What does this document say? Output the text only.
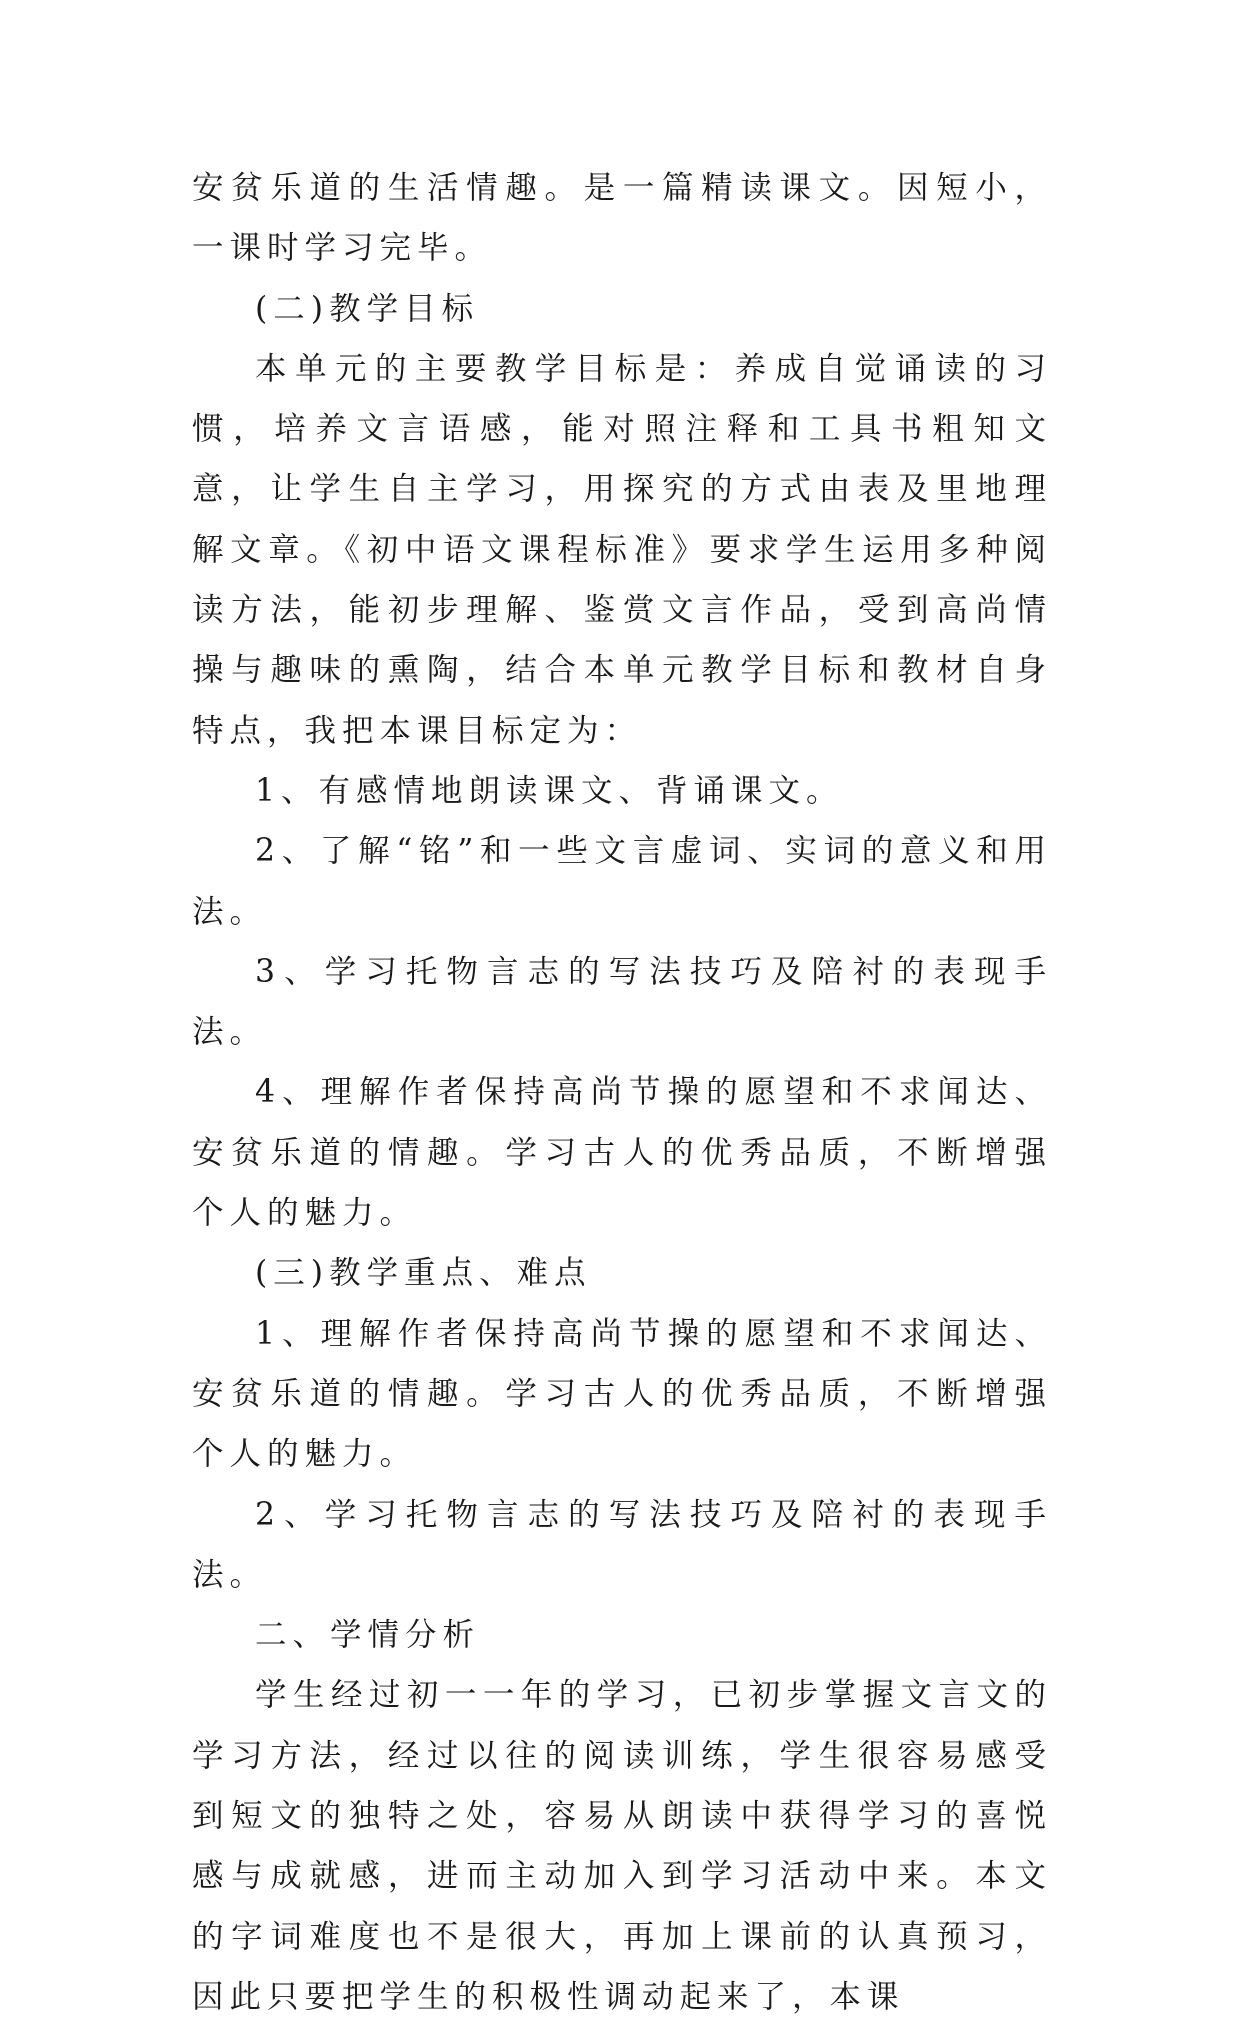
安贫乐道的生活情趣。是一篇精读课文。因短小，一课时学习完毕。

(二)教学目标

本单元的主要教学目标是：养成自觉诵读的习惯，培养文言语感，能对照注释和工具书粗知文意，让学生自主学习，用探究的方式由表及里地理解文章。《初中语文课程标准》要求学生运用多种阅读方法，能初步理解、鉴赏文言作品，受到高尚情操与趣味的熏陶，结合本单元教学目标和教材自身特点，我把本课目标定为：

1、有感情地朗读课文、背诵课文。

2、了解“铭”和一些文言虚词、实词的意义和用法。

3、学习托物言志的写法技巧及陪衬的表现手法。

4、理解作者保持高尚节操的愿望和不求闻达、安贫乐道的情趣。学习古人的优秀品质，不断增强个人的魅力。

(三)教学重点、难点

1、理解作者保持高尚节操的愿望和不求闻达、安贫乐道的情趣。学习古人的优秀品质，不断增强个人的魅力。

2、学习托物言志的写法技巧及陪衬的表现手法。

二、学情分析

学生经过初一一年的学习，已初步掌握文言文的学习方法，经过以往的阅读训练，学生很容易感受到短文的独特之处，容易从朗读中获得学习的喜悦感与成就感，进而主动加入到学习活动中来。本文的字词难度也不是很大，再加上课前的认真预习，因此只要把学生的积极性调动起来了，本课
